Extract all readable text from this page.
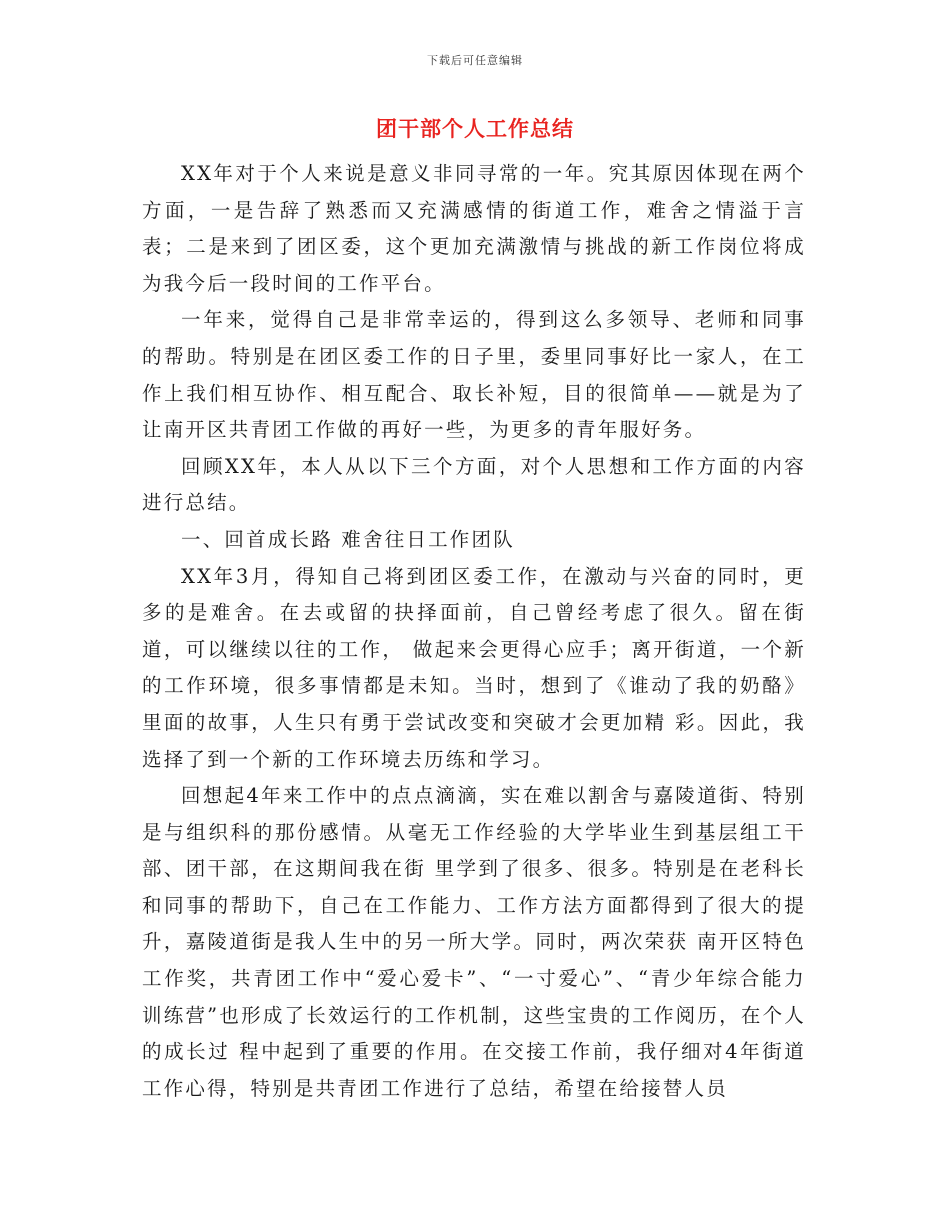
下载后可任意编辑
团干部个人工作总结

XX年对于个人来说是意义非同寻常的一年。究其原因体现在两个方面，一是告辞了熟悉而又充满感情的街道工作，难舍之情溢于言表；二是来到了团区委，这个更加充满激情与挑战的新工作岗位将成为我今后一段时间的工作平台。

一年来，觉得自己是非常幸运的，得到这么多领导、老师和同事的帮助。特别是在团区委工作的日子里，委里同事好比一家人，在工作上我们相互协作、相互配合、取长补短，目的很简单——就是为了让南开区共青团工作做的再好一些，为更多的青年服好务。

回顾XX年，本人从以下三个方面，对个人思想和工作方面的内容进行总结。

一、回首成长路 难舍往日工作团队

XX年3月，得知自己将到团区委工作，在激动与兴奋的同时，更多的是难舍。在去或留的抉择面前，自己曾经考虑了很久。留在街道，可以继续以往的工作， 做起来会更得心应手；离开街道，一个新的工作环境，很多事情都是未知。当时，想到了《谁动了我的奶酪》里面的故事，人生只有勇于尝试改变和突破才会更加精 彩。因此，我选择了到一个新的工作环境去历练和学习。

回想起4年来工作中的点点滴滴，实在难以割舍与嘉陵道街、特别是与组织科的那份感情。从毫无工作经验的大学毕业生到基层组工干部、团干部，在这期间我在街 里学到了很多、很多。特别是在老科长和同事的帮助下，自己在工作能力、工作方法方面都得到了很大的提升，嘉陵道街是我人生中的另一所大学。同时，两次荣获 南开区特色工作奖，共青团工作中“爱心爱卡”、“一寸爱心”、“青少年综合能力训练营”也形成了长效运行的工作机制，这些宝贵的工作阅历，在个人的成长过 程中起到了重要的作用。在交接工作前，我仔细对4年街道工作心得，特别是共青团工作进行了总结，希望在给接替人员
